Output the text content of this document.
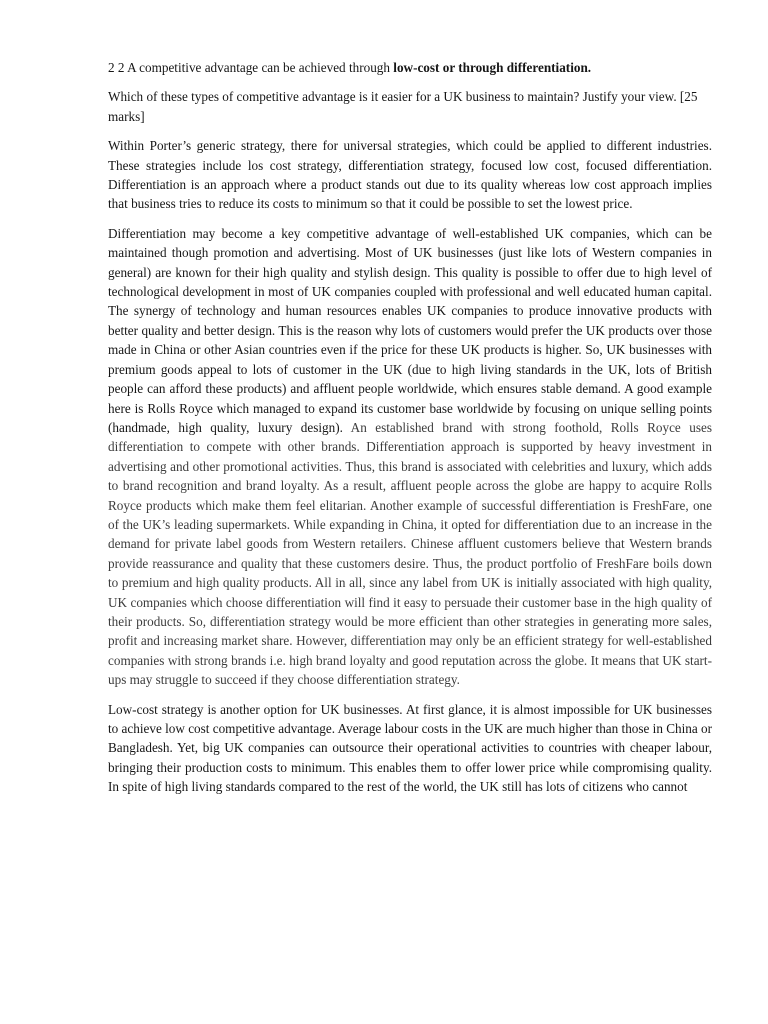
2 2 A competitive advantage can be achieved through low-cost or through differentiation.

Which of these types of competitive advantage is it easier for a UK business to maintain? Justify your view. [25 marks]

Within Porter’s generic strategy, there for universal strategies, which could be applied to different industries. These strategies include los cost strategy, differentiation strategy, focused low cost, focused differentiation. Differentiation is an approach where a product stands out due to its quality whereas low cost approach implies that business tries to reduce its costs to minimum so that it could be possible to set the lowest price.

Differentiation may become a key competitive advantage of well-established UK companies, which can be maintained though promotion and advertising. Most of UK businesses (just like lots of Western companies in general) are known for their high quality and stylish design. This quality is possible to offer due to high level of technological development in most of UK companies coupled with professional and well educated human capital. The synergy of technology and human resources enables UK companies to produce innovative products with better quality and better design. This is the reason why lots of customers would prefer the UK products over those made in China or other Asian countries even if the price for these UK products is higher. So, UK businesses with premium goods appeal to lots of customer in the UK (due to high living standards in the UK, lots of British people can afford these products) and affluent people worldwide, which ensures stable demand. A good example here is Rolls Royce which managed to expand its customer base worldwide by focusing on unique selling points (handmade, high quality, luxury design). An established brand with strong foothold, Rolls Royce uses differentiation to compete with other brands. Differentiation approach is supported by heavy investment in advertising and other promotional activities. Thus, this brand is associated with celebrities and luxury, which adds to brand recognition and brand loyalty. As a result, affluent people across the globe are happy to acquire Rolls Royce products which make them feel elitarian. Another example of successful differentiation is FreshFare, one of the UK’s leading supermarkets. While expanding in China, it opted for differentiation due to an increase in the demand for private label goods from Western retailers. Chinese affluent customers believe that Western brands provide reassurance and quality that these customers desire. Thus, the product portfolio of FreshFare boils down to premium and high quality products. All in all, since any label from UK is initially associated with high quality, UK companies which choose differentiation will find it easy to persuade their customer base in the high quality of their products. So, differentiation strategy would be more efficient than other strategies in generating more sales, profit and increasing market share. However, differentiation may only be an efficient strategy for well-established companies with strong brands i.e. high brand loyalty and good reputation across the globe. It means that UK start-ups may struggle to succeed if they choose differentiation strategy.

Low-cost strategy is another option for UK businesses. At first glance, it is almost impossible for UK businesses to achieve low cost competitive advantage. Average labour costs in the UK are much higher than those in China or Bangladesh. Yet, big UK companies can outsource their operational activities to countries with cheaper labour, bringing their production costs to minimum. This enables them to offer lower price while compromising quality. In spite of high living standards compared to the rest of the world, the UK still has lots of citizens who cannot
